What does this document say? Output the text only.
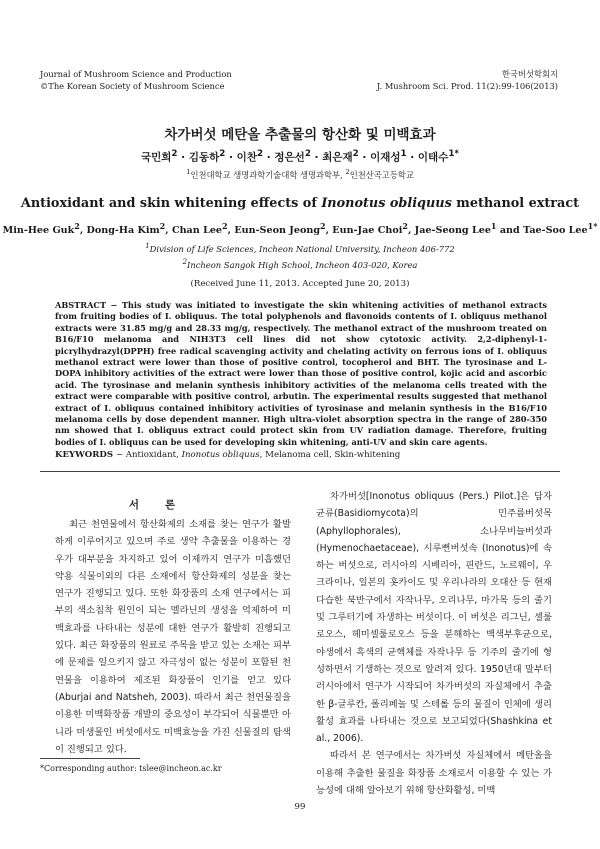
Journal of Mushroom Science and Production
©The Korean Society of Mushroom Science
한국버섯학회지
J. Mushroom Sci. Prod. 11(2):99-106(2013)
차가버섯 메탄올 추출물의 항산화 및 미백효과
국민희$^2$ · 김동하$^2$ · 이찬$^2$ · 정은선$^2$ · 최은재$^2$ · 이재성$^1$ · 이태수$^{1*}$
$^1$인천대학교 생명과학기술대학 생명과학부, $^2$인천산곡고등학교
Antioxidant and skin whitening effects of Inonotus obliquus methanol extract
Min-Hee Guk$^2$, Dong-Ha Kim$^2$, Chan Lee$^2$, Eun-Seon Jeong$^2$, Eun-Jae Choi$^2$, Jae-Seong Lee$^1$ and Tae-Soo Lee$^{1*}$
$^1$Division of Life Sciences, Incheon National University, Incheon 406-772
$^2$Incheon Sangok High School, Incheon 403-020, Korea
(Received June 11, 2013. Accepted June 20, 2013)
ABSTRACT − This study was initiated to investigate the skin whitening activities of methanol extracts from fruiting bodies of I. obliquus. The total polyphenols and flavonoids contents of I. obliquus methanol extracts were 31.85 mg/g and 28.33 mg/g, respectively. The methanol extract of the mushroom treated on B16/F10 melanoma and NIH3T3 cell lines did not show cytotoxic activity. 2,2-diphenyl-1-picrylhydrazyl(DPPH) free radical scavenging activity and chelating activity on ferrous ions of I. obliquus methanol extract were lower than those of positive control, tocopherol and BHT. The tyrosinase and L-DOPA inhibitory activities of the extract were lower than those of positive control, kojic acid and ascorbic acid. The tyrosinase and melanin synthesis inhibitory activities of the melanoma cells treated with the extract were comparable with positive control, arbutin. The experimental results suggested that methanol extract of I. obliquus contained inhibitory activities of tyrosinase and melanin synthesis in the B16/F10 melanoma cells by dose dependent manner. High ultra-violet absorption spectra in the range of 280-350 nm showed that I. obliquus extract could protect skin from UV radiation damage. Therefore, fruiting bodies of I. obliquus can be used for developing skin whitening, anti-UV and skin care agents.
KEYWORDS − Antioxidant, Inonotus obliquus, Melanoma cell, Skin-whitening
서론

최근 천연물에서 항산화제의 소재를 찾는 연구가 활발하게 이루어지고 있으며 주로 생약 추출물을 이용하는 경우가 대부분을 차지하고 있어 이제까지 연구가 미흡했던 약용 식물이외의 다른 소재에서 항산화제의 성분을 찾는 연구가 진행되고 있다. 또한 화장품의 소재 연구에서는 피부의 색소침착 원인이 되는 멜라닌의 생성을 억제하여 미백효과를 나타내는 성분에 대한 연구가 활발히 진행되고 있다. 최근 화장품의 원료로 주목을 받고 있는 소재는 피부에 문제를 일으키지 않고 자극성이 없는 성분이 포함된 천연물을 이용하여 제조된 화장품이 인기를 얻고 있다(Aburjai and Natsheh, 2003). 따라서 최근 천연물질을 이용한 미백화장품 개발의 중요성이 부각되어 식물뿐만 아니라 미생물인 버섯에서도 미백효능을 가진 신물질의 탐색이 진행되고 있다.

차가버섯[Inonotus obliquus (Pers.) Pilot.]은 담자균류(Basidiomycota)의 민주름버섯목(Aphyllophorales), 소나무비늘버섯과(Hymenochaetaceae), 시루뻔버섯속 (Inonotus)에 속하는 버섯으로, 러시아의 시베리아, 핀란드, 노르웨이, 우크라이나, 일본의 홋카이도 및 우리나라의 오대산 등 현재 다습한 북반구에서 자작나무, 오리나무, 마가목 등의 줄기 및 그루터기에 자생하는 버섯이다. 이 버섯은 리그닌, 셀룰로오스, 헤미셀룰로오스 등을 분해하는 백색부후균으로, 야생에서 흑색의 균핵체를 자작나무 등 기주의 줄기에 형성하면서 기생하는 것으로 알려져 있다. 1950년대 말부터 러시아에서 연구가 시작되어 차가버섯의 자실체에서 추출한 β-글루칸, 폴리페놀 및 스테롤 등의 물질이 인체에 생리활성 효과를 나타내는 것으로 보고되었다(Shashkina et al., 2006).

따라서 본 연구에서는 차가버섯 자실체에서 메탄올을 이용해 추출한 물질을 화장품 소재로서 이용할 수 있는 가능성에 대해 알아보기 위해 항산화활성, 미백

*Corresponding author: tslee@incheon.ac.kr
99
